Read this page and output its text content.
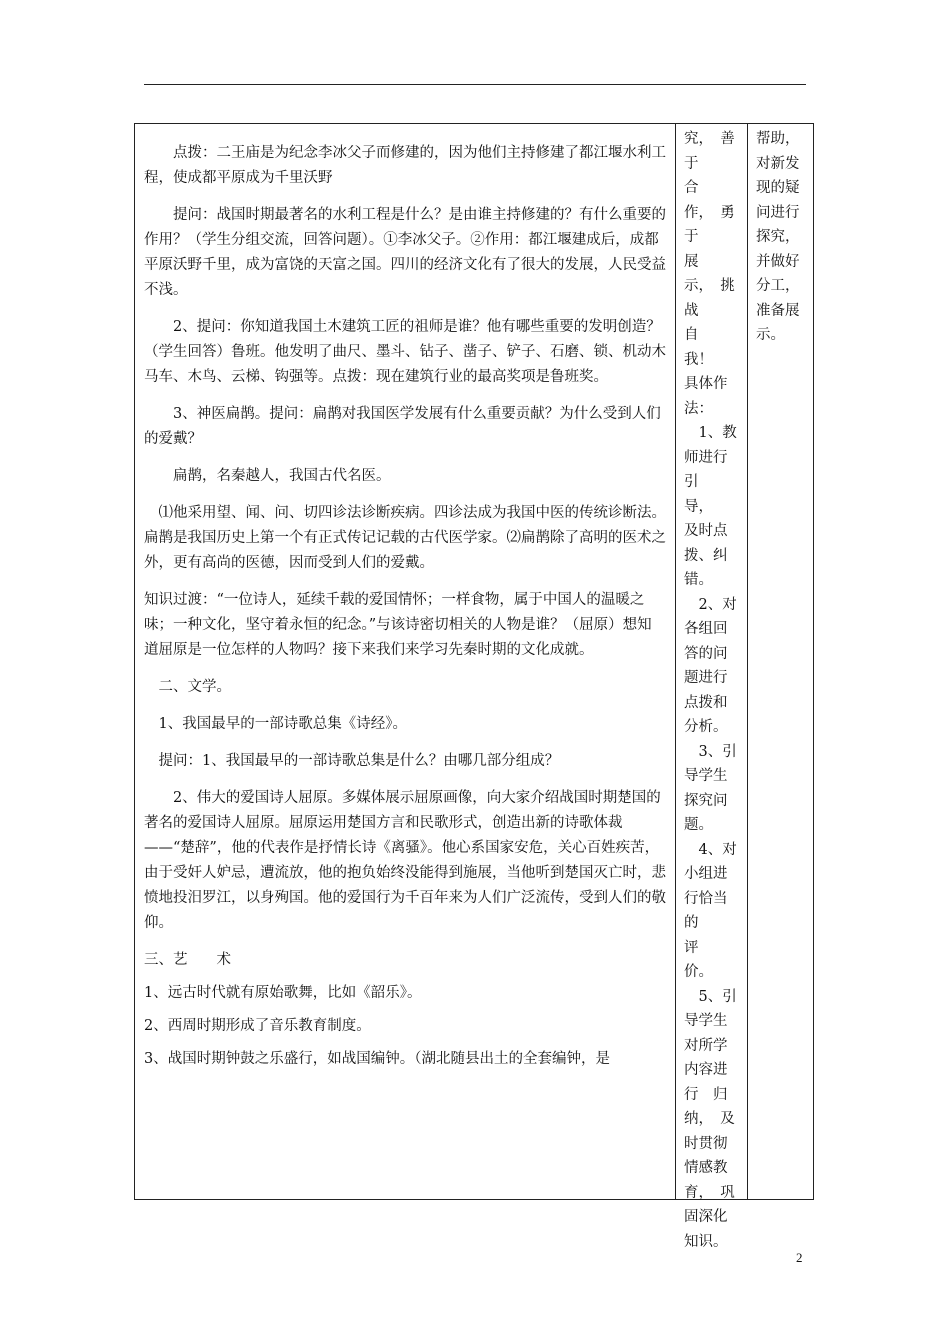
点拨：二王庙是为纪念李冰父子而修建的，因为他们主持修建了都江堰水利工程，使成都平原成为千里沃野

提问：战国时期最著名的水利工程是什么？是由谁主持修建的？有什么重要的作用？（学生分组交流，回答问题）。①李冰父子。②作用：都江堰建成后，成都平原沃野千里，成为富饶的天富之国。四川的经济文化有了很大的发展，人民受益不浅。

2、提问：你知道我国土木建筑工匠的祖师是谁？他有哪些重要的发明创造？（学生回答）鲁班。他发明了曲尺、墨斗、钻子、凿子、铲子、石磨、锁、机动木马车、木鸟、云梯、钩强等。点拨：现在建筑行业的最高奖项是鲁班奖。

3、神医扁鹊。提问：扁鹊对我国医学发展有什么重要贡献？为什么受到人们的爱戴？

扁鹊，名秦越人，我国古代名医。

⑴他采用望、闻、问、切四诊法诊断疾病。四诊法成为我国中医的传统诊断法。扁鹊是我国历史上第一个有正式传记记载的古代医学家。⑵扁鹊除了高明的医术之外，更有高尚的医德，因而受到人们的爱戴。

知识过渡：“一位诗人，延续千载的爱国情怀；一样食物，属于中国人的温暖之味；一种文化，坚守着永恒的纪念。”与该诗密切相关的人物是谁？（屈原）想知道屈原是一位怎样的人物吗？接下来我们来学习先秦时期的文化成就。

二、文学。

1、我国最早的一部诗歌总集《诗经》。

提问：1、我国最早的一部诗歌总集是什么？由哪几部分组成？

2、伟大的爱国诗人屈原。多媒体展示屈原画像，向大家介绍战国时期楚国的著名的爱国诗人屈原。屈原运用楚国方言和民歌形式，创造出新的诗歌体裁——“楚辞”，他的代表作是抒情长诗《离骚》。他心系国家安危，关心百姓疾苦，由于受奸人妒忌，遭流放，他的抱负始终没能得到施展，当他听到楚国灭亡时，悲愤地投汨罗江，以身殉国。他的爱国行为千百年来为人们广泛流传，受到人们的敬仰。

三、艺　　术

1、远古时代就有原始歌舞，比如《韶乐》。

2、西周时期形成了音乐教育制度。

3、战国时期钟鼓之乐盛行，如战国编钟。（湖北随县出土的全套编钟，是

究，　善
于　　合
作，　勇
于　　展
示，　挑
战　　自
我！
具体作
法：
　1、教
师进行
引　导，
及时点
拨、纠
错。
　2、对
各组回
答的问
题进行
点拨和
分析。
　3、引
导学生
探究问
题。
　4、对
小组进
行恰当
的　　评
价。
　5、引
导学生
对所学
内容进
行　归
纳，　及
时贯彻
情感教
育，　巩
固深化
知识。
帮助，
对新发
现的疑
问进行
探究，
并做好
分工，
准备展
示。
2
